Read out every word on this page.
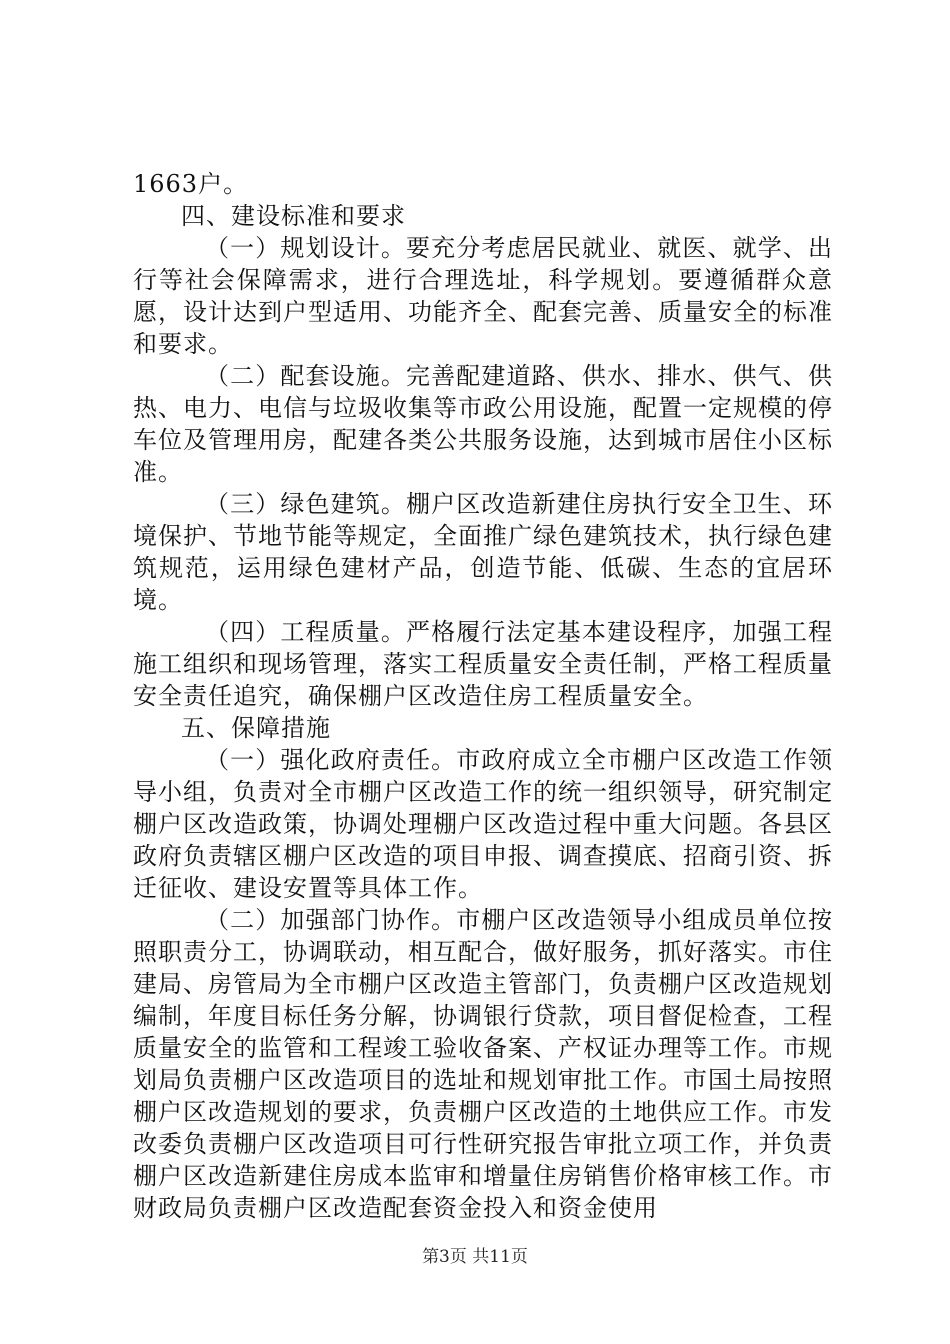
1663户。

四、建设标准和要求

（一）规划设计。要充分考虑居民就业、就医、就学、出行等社会保障需求，进行合理选址，科学规划。要遵循群众意愿，设计达到户型适用、功能齐全、配套完善、质量安全的标准和要求。

（二）配套设施。完善配建道路、供水、排水、供气、供热、电力、电信与垃圾收集等市政公用设施，配置一定规模的停车位及管理用房，配建各类公共服务设施，达到城市居住小区标准。

（三）绿色建筑。棚户区改造新建住房执行安全卫生、环境保护、节地节能等规定，全面推广绿色建筑技术，执行绿色建筑规范，运用绿色建材产品，创造节能、低碳、生态的宜居环境。

（四）工程质量。严格履行法定基本建设程序，加强工程施工组织和现场管理，落实工程质量安全责任制，严格工程质量安全责任追究，确保棚户区改造住房工程质量安全。

五、保障措施

（一）强化政府责任。市政府成立全市棚户区改造工作领导小组，负责对全市棚户区改造工作的统一组织领导，研究制定棚户区改造政策，协调处理棚户区改造过程中重大问题。各县区政府负责辖区棚户区改造的项目申报、调查摸底、招商引资、拆迁征收、建设安置等具体工作。

（二）加强部门协作。市棚户区改造领导小组成员单位按照职责分工，协调联动，相互配合，做好服务，抓好落实。市住建局、房管局为全市棚户区改造主管部门，负责棚户区改造规划编制，年度目标任务分解，协调银行贷款，项目督促检查，工程质量安全的监管和工程竣工验收备案、产权证办理等工作。市规划局负责棚户区改造项目的选址和规划审批工作。市国土局按照棚户区改造规划的要求，负责棚户区改造的土地供应工作。市发改委负责棚户区改造项目可行性研究报告审批立项工作，并负责棚户区改造新建住房成本监审和增量住房销售价格审核工作。市财政局负责棚户区改造配套资金投入和资金使用

第3页 共11页
